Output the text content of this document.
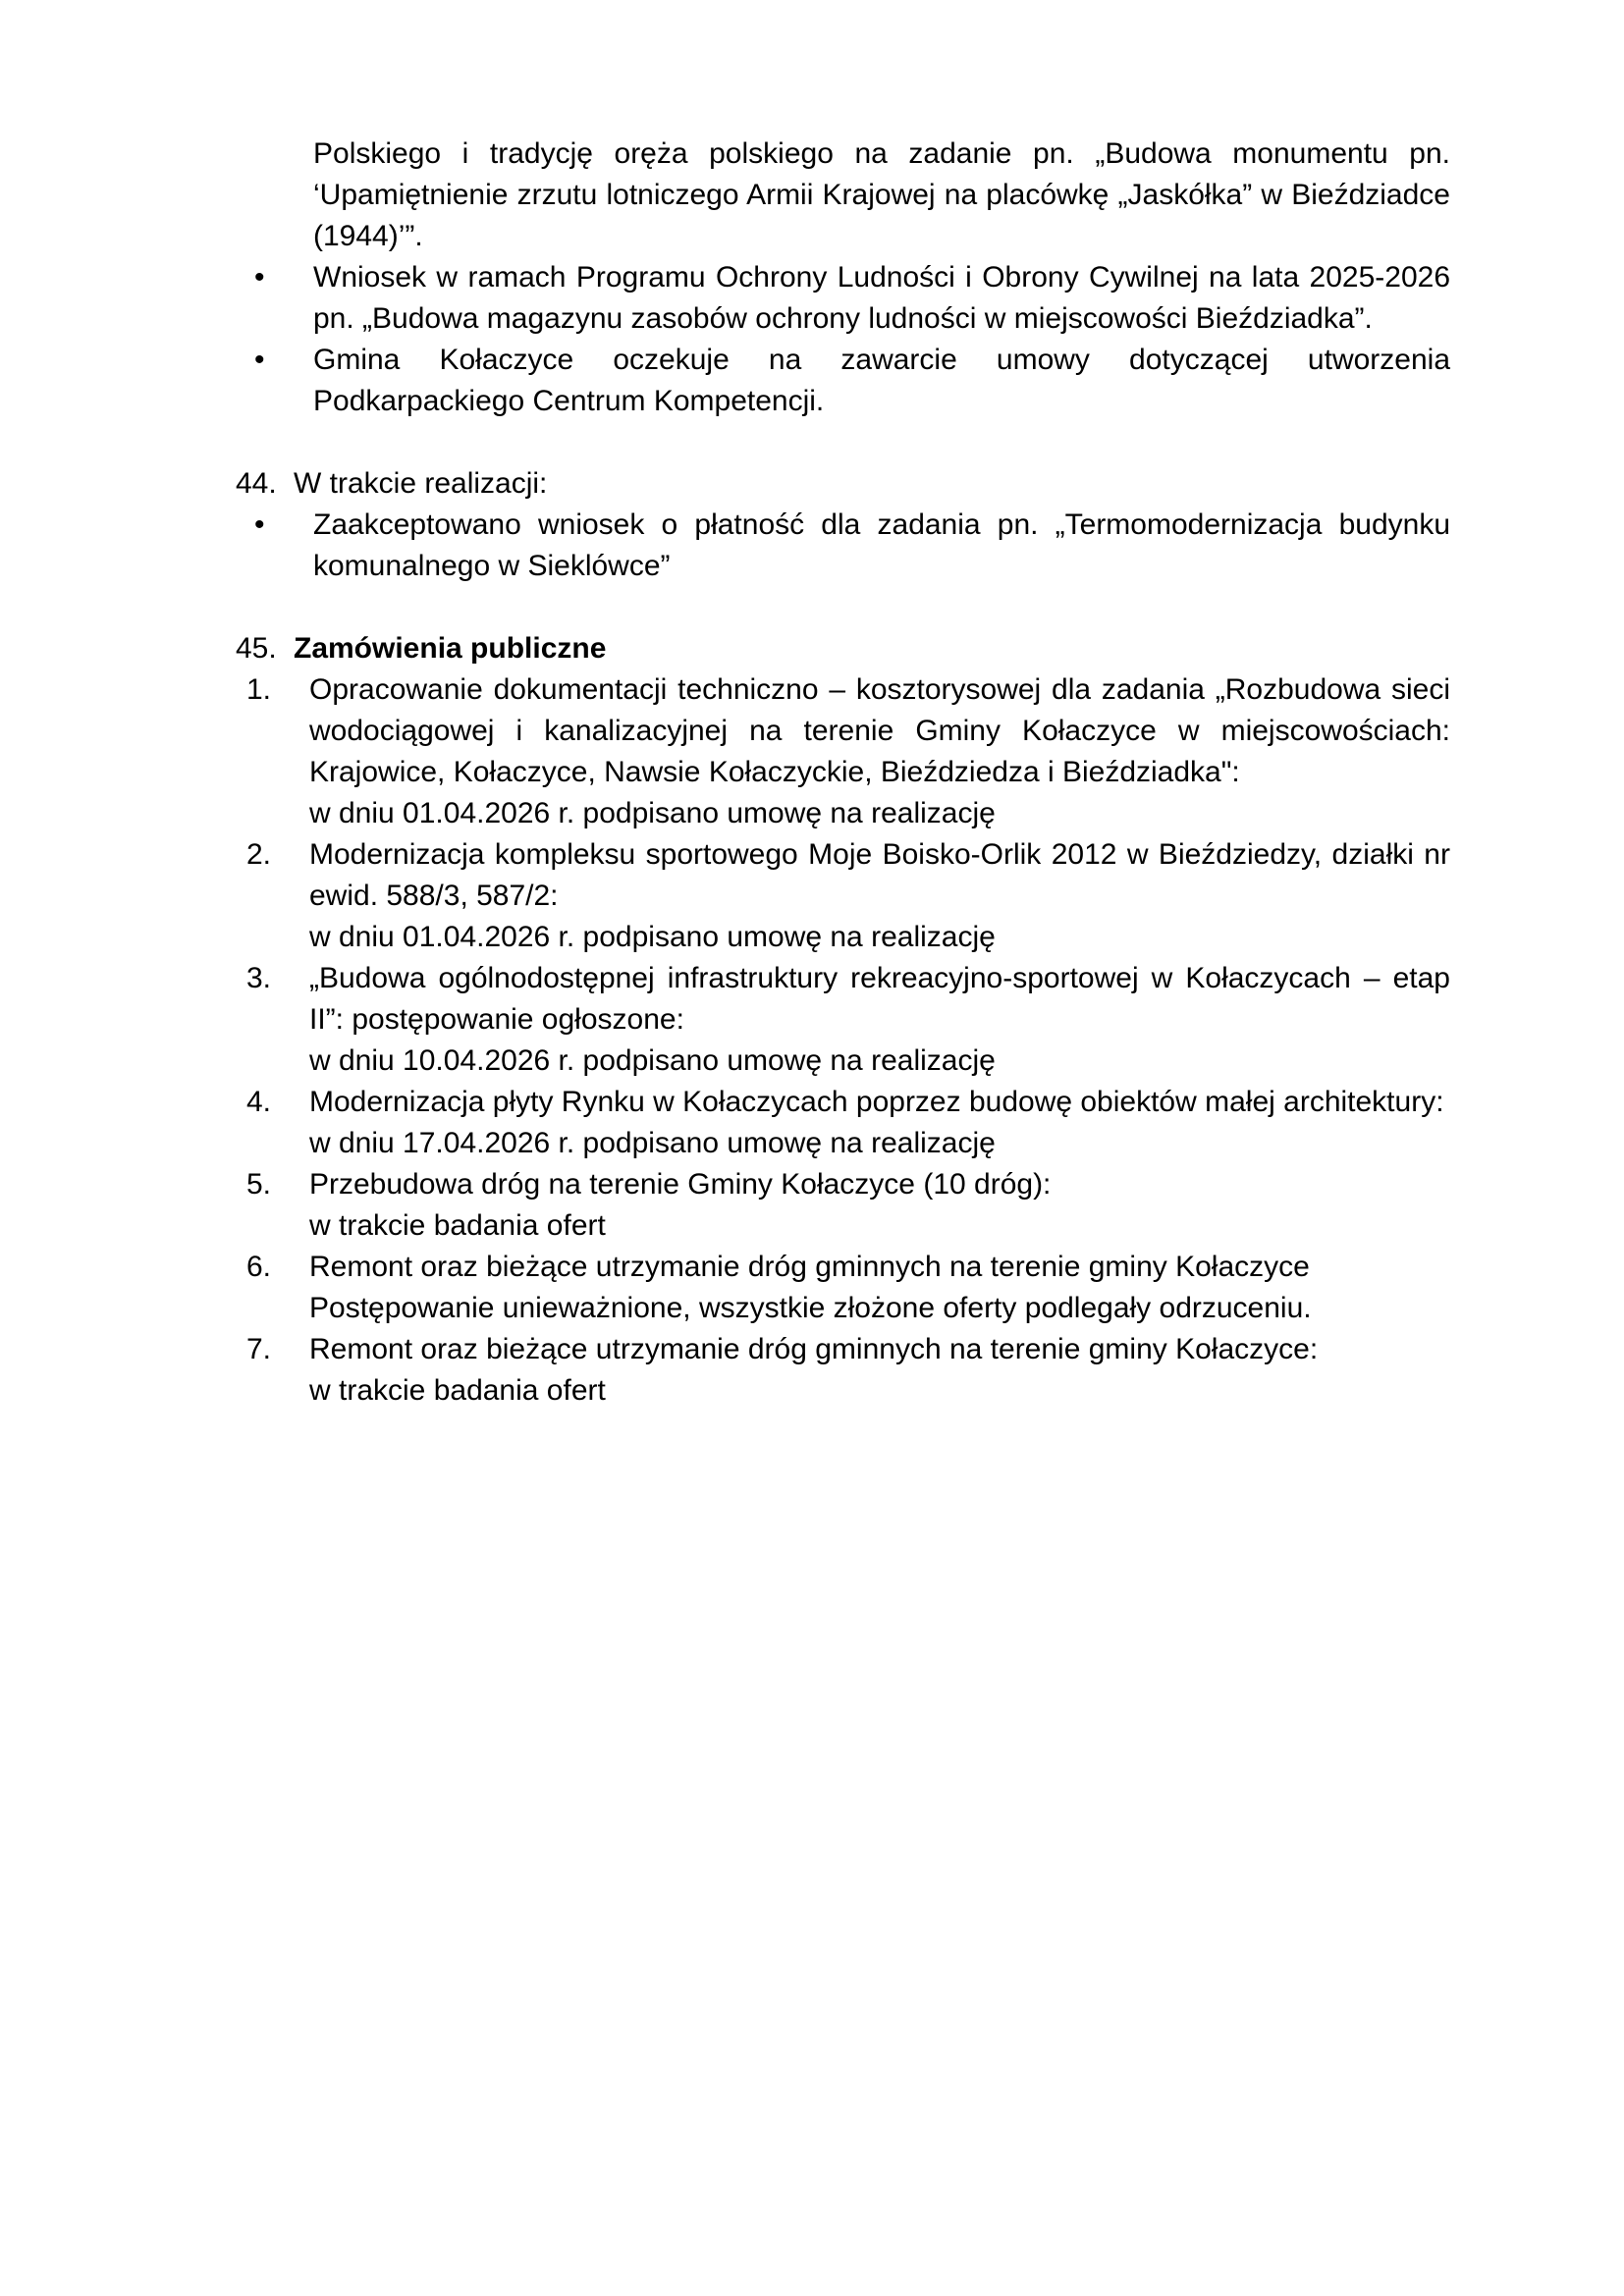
Polskiego i tradycję oręża polskiego na zadanie pn. „Budowa monumentu pn. ‘Upamiętnienie zrzutu lotniczego Armii Krajowej na placówkę „Jaskółka” w Bieździadce (1944)’”.
•	Wniosek w ramach Programu Ochrony Ludności i Obrony Cywilnej na lata 2025-2026 pn. „Budowa magazynu zasobów ochrony ludności w miejscowości Bieździadka”.
•	Gmina Kołaczyce oczekuje na zawarcie umowy dotyczącej utworzenia Podkarpackiego Centrum Kompetencji.
44. W trakcie realizacji:
•	Zaakceptowano wniosek o płatność dla zadania pn. „Termomodernizacja budynku komunalnego w Sieklówce”
45. Zamówienia publiczne
1.	Opracowanie dokumentacji techniczno – kosztorysowej dla zadania „Rozbudowa sieci wodociągowej i kanalizacyjnej na terenie Gminy Kołaczyce w miejscowościach: Krajowice, Kołaczyce, Nawsie Kołaczyckie, Bieździedza i Bieździadka":
w dniu 01.04.2026 r. podpisano umowę na realizację
2.	Modernizacja kompleksu sportowego Moje Boisko-Orlik 2012 w Bieździedzy, działki nr ewid. 588/3, 587/2:
w dniu 01.04.2026 r. podpisano umowę na realizację
3.	„Budowa ogólnodostępnej infrastruktury rekreacyjno-sportowej w Kołaczycach – etap II”: postępowanie ogłoszone:
w dniu 10.04.2026 r. podpisano umowę na realizację
4.	Modernizacja płyty Rynku w Kołaczycach poprzez budowę obiektów małej architektury:
w dniu 17.04.2026 r. podpisano umowę na realizację
5.	Przebudowa dróg na terenie Gminy Kołaczyce (10 dróg):
w trakcie badania ofert
6.	Remont oraz bieżące utrzymanie dróg gminnych na terenie gminy Kołaczyce
Postępowanie unieważnione, wszystkie złożone oferty podlegały odrzuceniu.
7.	Remont oraz bieżące utrzymanie dróg gminnych na terenie gminy Kołaczyce:
w trakcie badania ofert
